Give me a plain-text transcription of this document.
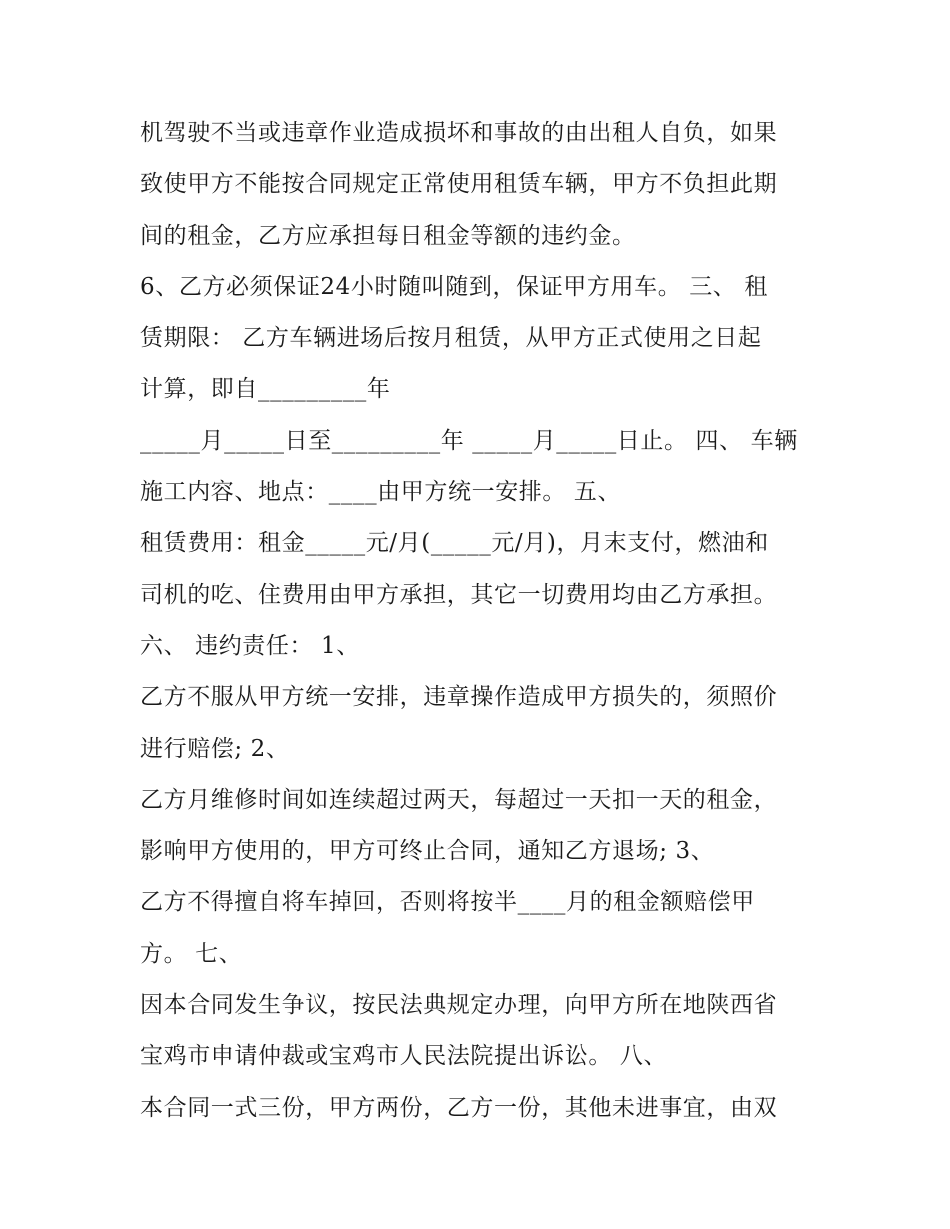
机驾驶不当或违章作业造成损坏和事故的由出租人自负，如果
致使甲方不能按合同规定正常使用租赁车辆，甲方不负担此期
间的租金，乙方应承担每日租金等额的违约金。
6、乙方必须保证24小时随叫随到，保证甲方用车。 三、 租
赁期限： 乙方车辆进场后按月租赁，从甲方正式使用之日起
计算，即自_________年
_____月_____日至_________年 _____月_____日止。 四、 车辆
施工内容、地点：____由甲方统一安排。 五、
租赁费用：租金_____元/月(_____元/月)，月末支付，燃油和
司机的吃、住费用由甲方承担，其它一切费用均由乙方承担。
六、 违约责任： 1、
乙方不服从甲方统一安排，违章操作造成甲方损失的，须照价
进行赔偿; 2、
乙方月维修时间如连续超过两天，每超过一天扣一天的租金，
影响甲方使用的，甲方可终止合同，通知乙方退场; 3、
乙方不得擅自将车掉回，否则将按半____月的租金额赔偿甲
方。 七、
因本合同发生争议，按民法典规定办理，向甲方所在地陕西省
宝鸡市申请仲裁或宝鸡市人民法院提出诉讼。 八、
本合同一式三份，甲方两份，乙方一份，其他未进事宜，由双
